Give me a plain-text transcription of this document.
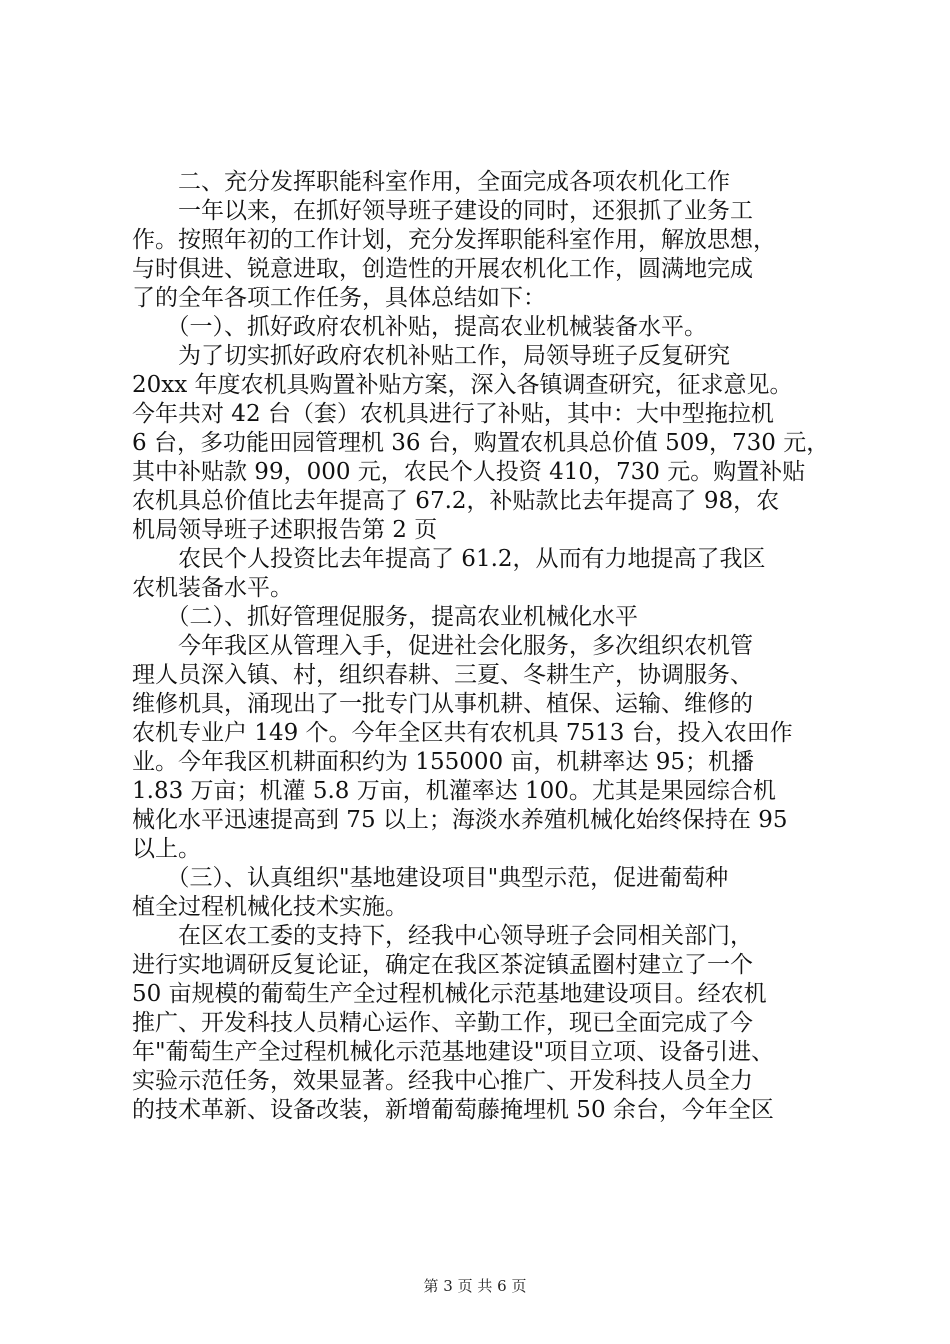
　　二、充分发挥职能科室作用，全面完成各项农机化工作
　　一年以来，在抓好领导班子建设的同时，还狠抓了业务工
作。按照年初的工作计划，充分发挥职能科室作用，解放思想，
与时俱进、锐意进取，创造性的开展农机化工作，圆满地完成
了的全年各项工作任务，具体总结如下：
　　（一）、抓好政府农机补贴，提高农业机械装备水平。
　　为了切实抓好政府农机补贴工作，局领导班子反复研究
20xx 年度农机具购置补贴方案，深入各镇调查研究，征求意见。
今年共对 42 台（套）农机具进行了补贴，其中：大中型拖拉机
6 台，多功能田园管理机 36 台，购置农机具总价值 509，730 元，
其中补贴款 99，000 元，农民个人投资 410，730 元。购置补贴
农机具总价值比去年提高了 67.2，补贴款比去年提高了 98，农
机局领导班子述职报告第 2 页
　　农民个人投资比去年提高了 61.2，从而有力地提高了我区
农机装备水平。
　　（二）、抓好管理促服务，提高农业机械化水平
　　今年我区从管理入手，促进社会化服务，多次组织农机管
理人员深入镇、村，组织春耕、三夏、冬耕生产，协调服务、
维修机具，涌现出了一批专门从事机耕、植保、运输、维修的
农机专业户 149 个。今年全区共有农机具 7513 台，投入农田作
业。今年我区机耕面积约为 155000 亩，机耕率达 95；机播
1.83 万亩；机灌 5.8 万亩，机灌率达 100。尤其是果园综合机
械化水平迅速提高到 75 以上；海淡水养殖机械化始终保持在 95
以上。
　　（三）、认真组织"基地建设项目"典型示范，促进葡萄种
植全过程机械化技术实施。
　　在区农工委的支持下，经我中心领导班子会同相关部门，
进行实地调研反复论证，确定在我区茶淀镇孟圈村建立了一个
50 亩规模的葡萄生产全过程机械化示范基地建设项目。经农机
推广、开发科技人员精心运作、辛勤工作，现已全面完成了今
年"葡萄生产全过程机械化示范基地建设"项目立项、设备引进、
实验示范任务，效果显著。经我中心推广、开发科技人员全力
的技术革新、设备改装，新增葡萄藤掩埋机 50 余台，今年全区
第 3 页 共 6 页
